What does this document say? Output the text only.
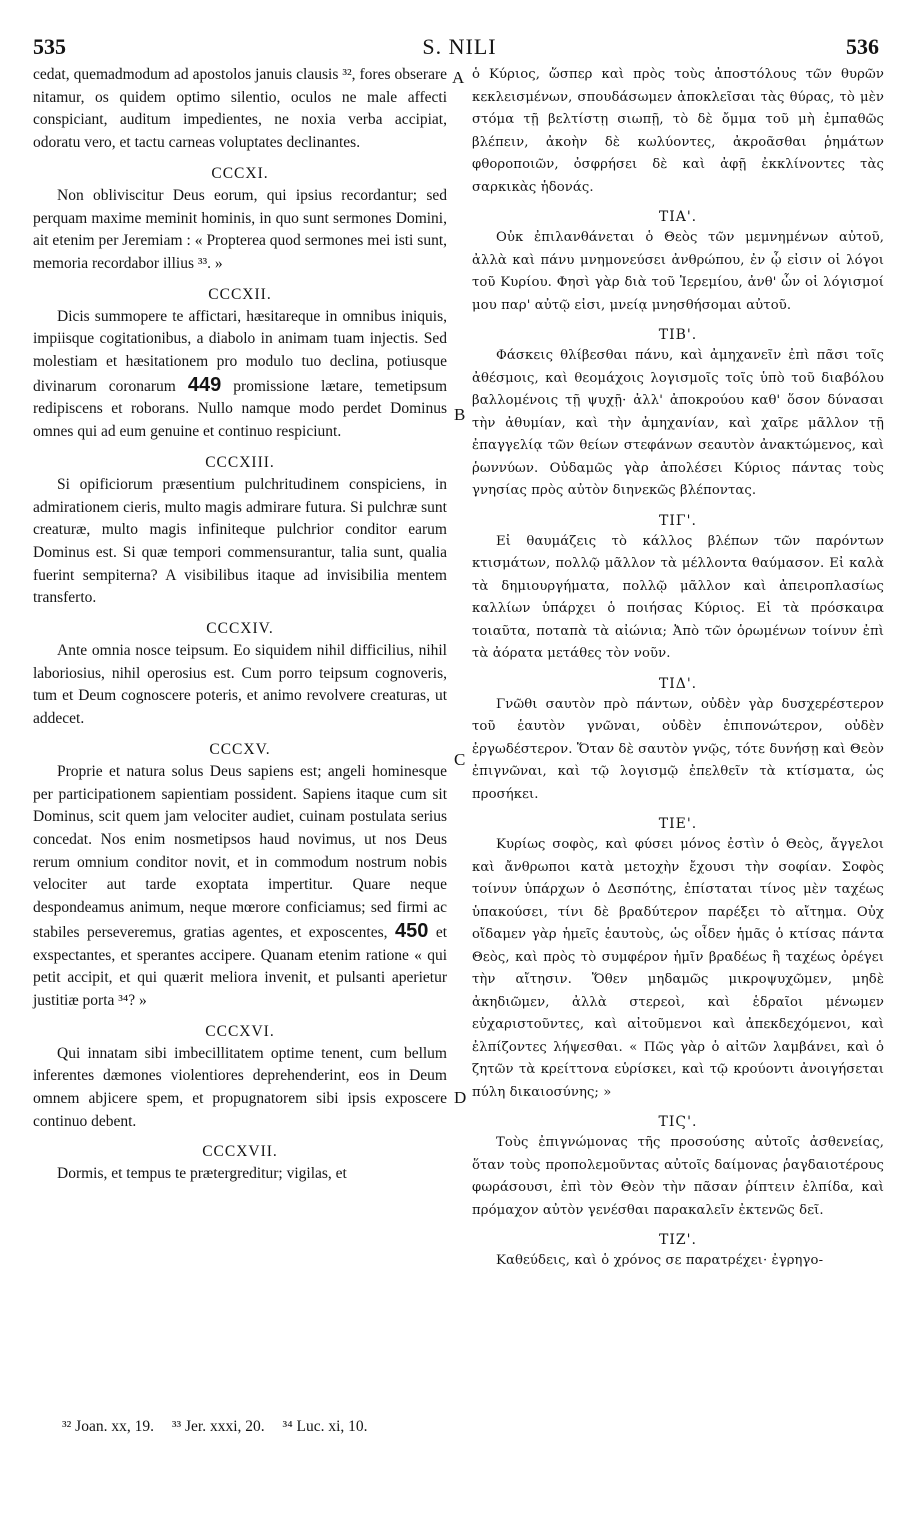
535	S. NILI	536

cedat, quemadmodum ad apostolos januis clausis ³², fores obserare nitamur, os quidem optimo silentio, oculos ne male affecti conspiciant, auditum impedientes, ne noxia verba accipiat, odoratu vero, et tactu carneas voluptates declinantes.

CCCXI.

Non obliviscitur Deus eorum, qui ipsius recordantur; sed perquam maxime meminit hominis, in quo sunt sermones Domini, ait etenim per Jeremiam : « Propterea quod sermones mei isti sunt, memoria recordabor illius ³³. »

CCCXII.

Dicis summopere te affictari, hæsitareque in omnibus iniquis, impiisque cogitationibus, a diabolo in animam tuam injectis. Sed molestiam et hæsitationem pro modulo tuo declina, potiusque divinarum coronarum 449 promissione lætare, temetipsum redipiscens et roborans. Nullo namque modo perdet Dominus omnes qui ad eum genuine et continuo respiciunt.

CCCXIII.

Si opificiorum præsentium pulchritudinem conspiciens, in admirationem cieris, multo magis admirare futura. Si pulchræ sunt creaturæ, multo magis infiniteque pulchrior conditor earum Dominus est. Si quæ tempori commensurantur, talia sunt, qualia fuerint sempiterna? A visibilibus itaque ad invisibilia mentem transferto.

CCCXIV.

Ante omnia nosce teipsum. Eo siquidem nihil difficilius, nihil laboriosius, nihil operosius est. Cum porro teipsum cognoveris, tum et Deum cognoscere poteris, et animo revolvere creaturas, ut addecet.

CCCXV.

Proprie et natura solus Deus sapiens est; angeli hominesque per participationem sapientiam possident. Sapiens itaque cum sit Dominus, scit quem jam velociter audiet, cuinam postulata serius concedat. Nos enim nosmetipsos haud novimus, ut nos Deus rerum omnium conditor novit, et in commodum nostrum nobis velociter aut tarde exoptata impertitur. Quare neque despondeamus animum, neque mœrore conficiamus; sed firmi ac stabiles perseveremus, gratias agentes, et exposcentes, 450 et exspectantes, et sperantes accipere. Quanam etenim ratione « qui petit accipit, et qui quærit meliora invenit, et pulsanti aperietur justitiæ porta ³⁴? »

CCCXVI.

Qui innatam sibi imbecillitatem optime tenent, cum bellum inferentes dæmones violentiores deprehenderint, eos in Deum omnem abjicere spem, et propugnatorem sibi ipsis exposcere continuo debent.

CCCXVII.

Dormis, et tempus te prætergreditur; vigilas, et

A
B
C
D

ὁ Κύριος, ὥσπερ καὶ πρὸς τοὺς ἀποστόλους τῶν θυρῶν κεκλεισμένων, σπουδάσωμεν ἀποκλεῖσαι τὰς θύρας, τὸ μὲν στόμα τῇ βελτίστῃ σιωπῇ, τὸ δὲ ὄμμα τοῦ μὴ ἐμπαθῶς βλέπειν, ἀκοὴν δὲ κωλύοντες, ἀκροᾶσθαι ῥημάτων φθοροποιῶν, ὀσφρήσει δὲ καὶ ἀφῇ ἐκκλίνοντες τὰς σαρκικὰς ἡδονάς.

ΤΙΑ'.

Οὐκ ἐπιλανθάνεται ὁ Θεὸς τῶν μεμνημένων αὐτοῦ, ἀλλὰ καὶ πάνυ μνημονεύσει ἀνθρώπου, ἐν ᾧ εἰσιν οἱ λόγοι τοῦ Κυρίου. Φησὶ γὰρ διὰ τοῦ Ἱερεμίου, ἀνθ' ὧν οἱ λόγισμοί μου παρ' αὐτῷ εἰσι, μνείᾳ μνησθήσομαι αὐτοῦ.

ΤΙΒ'.

Φάσκεις θλίβεσθαι πάνυ, καὶ ἀμηχανεῖν ἐπὶ πᾶσι τοῖς ἀθέσμοις, καὶ θεομάχοις λογισμοῖς τοῖς ὑπὸ τοῦ διαβόλου βαλλομένοις τῇ ψυχῇ· ἀλλ' ἀποκρούου καθ' ὅσον δύνασαι τὴν ἀθυμίαν, καὶ τὴν ἀμηχανίαν, καὶ χαῖρε μᾶλλον τῇ ἐπαγγελίᾳ τῶν θείων στεφάνων σεαυτὸν ἀνακτώμενος, καὶ ῥωννύων. Οὐδαμῶς γὰρ ἀπολέσει Κύριος πάντας τοὺς γνησίας πρὸς αὐτὸν διηνεκῶς βλέποντας.

ΤΙΓ'.

Εἰ θαυμάζεις τὸ κάλλος βλέπων τῶν παρόντων κτισμάτων, πολλῷ μᾶλλον τὰ μέλλοντα θαύμασον. Εἰ καλὰ τὰ δημιουργήματα, πολλῷ μᾶλλον καὶ ἀπειροπλασίως καλλίων ὑπάρχει ὁ ποιήσας Κύριος. Εἰ τὰ πρόσκαιρα τοιαῦτα, ποταπὰ τὰ αἰώνια; Ἀπὸ τῶν ὁρωμένων τοίνυν ἐπὶ τὰ ἀόρατα μετάθες τὸν νοῦν.

ΤΙΔ'.

Γνῶθι σαυτὸν πρὸ πάντων, οὐδὲν γὰρ δυσχερέστερον τοῦ ἑαυτὸν γνῶναι, οὐδὲν ἐπιπονώτερον, οὐδὲν ἐργωδέστερον. Ὅταν δὲ σαυτὸν γνῷς, τότε δυνήσῃ καὶ Θεὸν ἐπιγνῶναι, καὶ τῷ λογισμῷ ἐπελθεῖν τὰ κτίσματα, ὡς προσήκει.

ΤΙΕ'.

Κυρίως σοφὸς, καὶ φύσει μόνος ἐστὶν ὁ Θεὸς, ἄγγελοι καὶ ἄνθρωποι κατὰ μετοχὴν ἔχουσι τὴν σοφίαν. Σοφὸς τοίνυν ὑπάρχων ὁ Δεσπότης, ἐπίσταται τίνος μὲν ταχέως ὑπακούσει, τίνι δὲ βραδύτερον παρέξει τὸ αἴτημα. Οὐχ οἴδαμεν γὰρ ἡμεῖς ἑαυτοὺς, ὡς οἶδεν ἡμᾶς ὁ κτίσας πάντα Θεὸς, καὶ πρὸς τὸ συμφέρον ἡμῖν βραδέως ἢ ταχέως ὀρέγει τὴν αἴτησιν. Ὅθεν μηδαμῶς μικροψυχῶμεν, μηδὲ ἀκηδιῶμεν, ἀλλὰ στερεοὶ, καὶ ἑδραῖοι μένωμεν εὐχαριστοῦντες, καὶ αἰτοῦμενοι καὶ ἀπεκδεχόμενοι, καὶ ἐλπίζοντες λήψεσθαι. « Πῶς γὰρ ὁ αἰτῶν λαμβάνει, καὶ ὁ ζητῶν τὰ κρείττονα εὑρίσκει, καὶ τῷ κρούοντι ἀνοιγήσεται πύλη δικαιοσύνης; »

ΤΙϚ'.

Τοὺς ἐπιγνώμονας τῆς προσούσης αὐτοῖς ἀσθενείας, ὅταν τοὺς προπολεμοῦντας αὐτοῖς δαίμονας ῥαγδαιοτέρους φωράσουσι, ἐπὶ τὸν Θεὸν τὴν πᾶσαν ῥίπτειν ἐλπίδα, καὶ πρόμαχον αὐτὸν γενέσθαι παρακαλεῖν ἐκτενῶς δεῖ.

ΤΙΖ'.

Καθεύδεις, καὶ ὁ χρόνος σε παρατρέχει· ἐγρηγο-

³² Joan. xx, 19. ³³ Jer. xxxi, 20. ³⁴ Luc. xi, 10.
